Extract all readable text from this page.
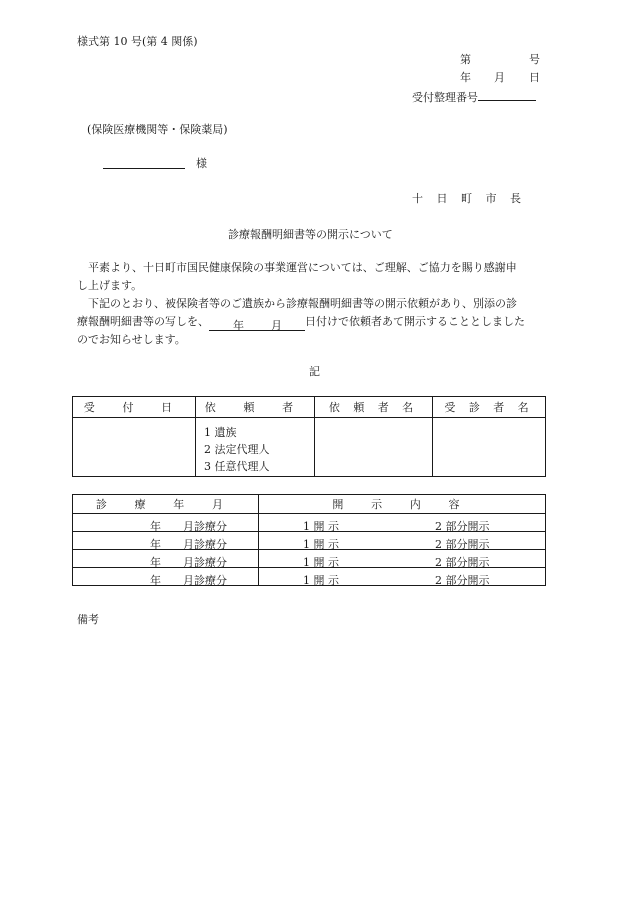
様式第 10 号(第 4 関係)
第	号
年 月 日
受付整理番号
(保険医療機関等・保険薬局)
様
十 日 町 市 長
診療報酬明細書等の開示について

平素より、十日町市国民健康保険の事業運営については、ご理解、ご協力を賜り感謝申
し上げます。

下記のとおり、被保険者等のご遺族から診療報酬明細書等の開示依頼があり、別添の診
療報酬明細書等の写しを、 年 月 日付けで依頼者あて開示することとしました
のでお知らせします。

記
受 付 日	依 頼 者	依 頼 者 名	受 診 者 名

	1 遺族
2 法定代理人
3 任意代理人		

診 療 年 月	開 示 内 容

年 月診療分	1 開 示 2 部分開示

年 月診療分	1 開 示 2 部分開示

年 月診療分	1 開 示 2 部分開示

年 月診療分	1 開 示 2 部分開示
備考
